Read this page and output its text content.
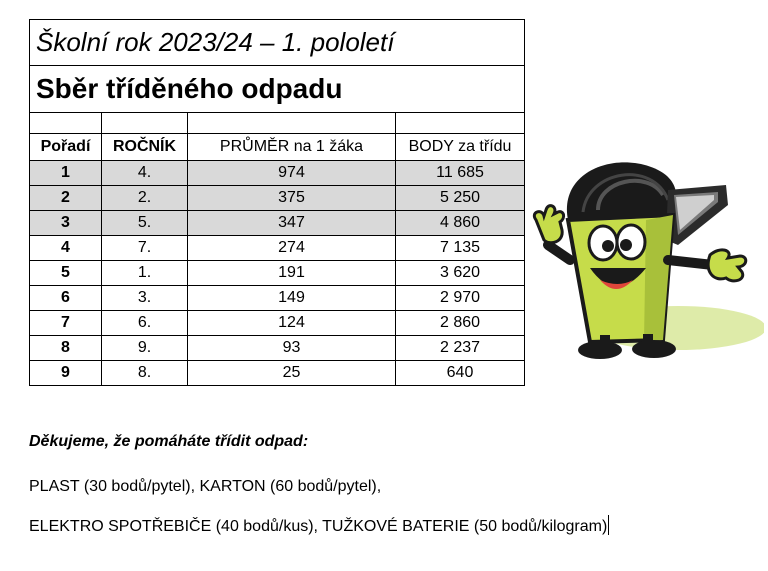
Školní rok 2023/24 – 1. pololetí			
Sběr tříděného odpadu			

Pořadí	ROČNÍK	PRŮMĚR na 1 žáka	BODY za třídu
1	4.	974	11 685
2	2.	375	5 250
3	5.	347	4 860
4	7.	274	7 135
5	1.	191	3 620
6	3.	149	2 970
7	6.	124	2 860
8	9.	93	2 237
9	8.	25	640
Děkujeme, že pomáháte třídit odpad:
PLAST (30 bodů/pytel), KARTON (60 bodů/pytel),
ELEKTRO SPOTŘEBIČE (40 bodů/kus), TUŽKOVÉ BATERIE (50 bodů/kilogram)
